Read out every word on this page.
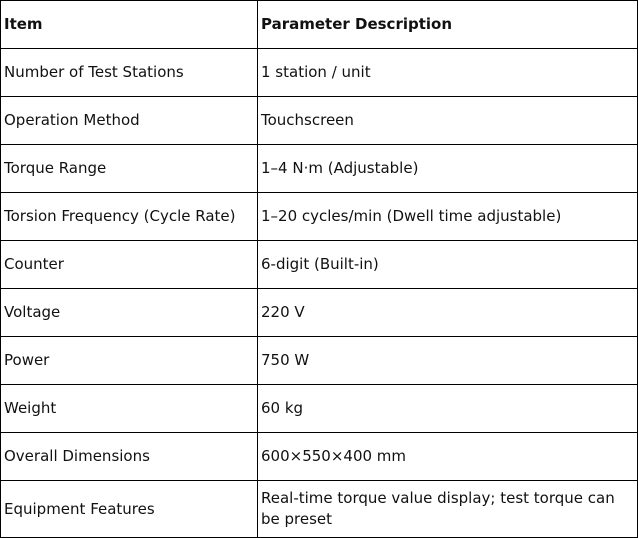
Item	Parameter Description
Number of Test Stations	1 station / unit
Operation Method	Touchscreen
Torque Range	1–4 N·m (Adjustable)
Torsion Frequency (Cycle Rate)	1–20 cycles/min (Dwell time adjustable)
Counter	6-digit (Built-in)
Voltage	220 V
Power	750 W
Weight	60 kg
Overall Dimensions	600×550×400 mm
Equipment Features	Real-time torque value display; test torque can be preset
